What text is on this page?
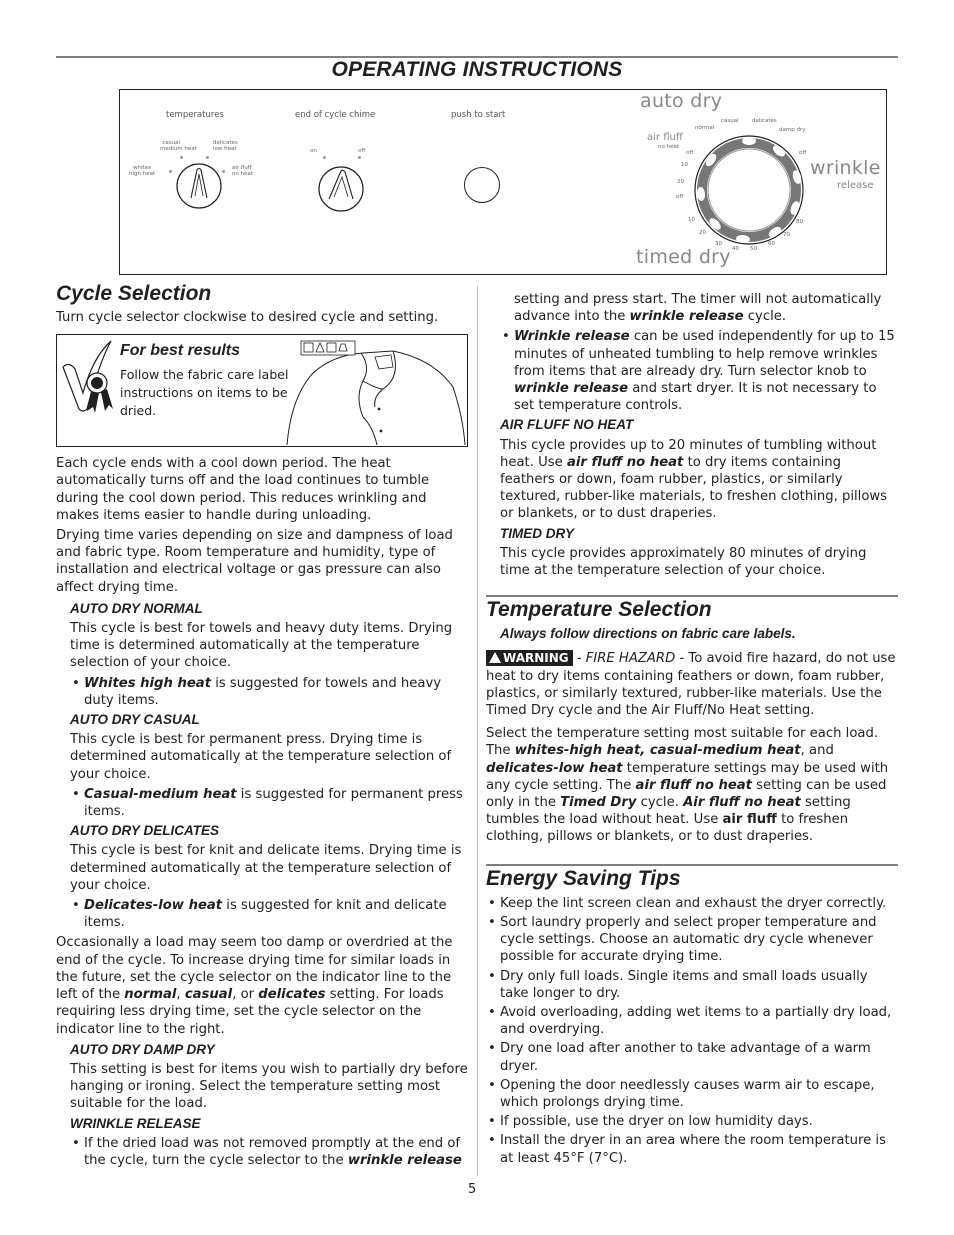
OPERATING INSTRUCTIONS
temperatures
casual
medium heat
delicates
low heat
whites
high heat
air fluff
no heat
end of cycle chime
on	off
push to start
auto dry
timed dry
wrinkle
release
air fluff
no heat
normal
casual delicates
damp dry
off
off
off
10
20
10
20
30
40 50
60
70
80
Cycle Selection

Turn cycle selector clockwise to desired cycle and setting.

For best results
Follow the fabric care label instructions on items to be dried.

Each cycle ends with a cool down period. The heat automatically turns off and the load continues to tumble during the cool down period. This reduces wrinkling and makes items easier to handle during unloading.

Drying time varies depending on size and dampness of load and fabric type. Room temperature and humidity, type of installation and electrical voltage or gas pressure can also affect drying time.

AUTO DRY NORMAL

This cycle is best for towels and heavy duty items. Drying time is determined automatically at the temperature selection of your choice.

• Whites high heat is suggested for towels and heavy duty items.

AUTO DRY CASUAL

This cycle is best for permanent press. Drying time is determined automatically at the temperature selection of your choice.

• Casual-medium heat is suggested for permanent press items.

AUTO DRY DELICATES

This cycle is best for knit and delicate items. Drying time is determined automatically at the temperature selection of your choice.

• Delicates-low heat is suggested for knit and delicate items.

Occasionally a load may seem too damp or overdried at the end of the cycle. To increase drying time for similar loads in the future, set the cycle selector on the indicator line to the left of the normal, casual, or delicates setting. For loads requiring less drying time, set the cycle selector on the indicator line to the right.

AUTO DRY DAMP DRY

This setting is best for items you wish to partially dry before hanging or ironing. Select the temperature setting most suitable for the load.

WRINKLE RELEASE

• If the dried load was not removed promptly at the end of the cycle, turn the cycle selector to the wrinkle release

setting and press start. The timer will not automatically advance into the wrinkle release cycle.

• Wrinkle release can be used independently for up to 15 minutes of unheated tumbling to help remove wrinkles from items that are already dry. Turn selector knob to wrinkle release and start dryer. It is not necessary to set temperature controls.

AIR FLUFF NO HEAT

This cycle provides up to 20 minutes of tumbling without heat. Use air fluff no heat to dry items containing feathers or down, foam rubber, plastics, or similarly textured, rubber-like materials, to freshen clothing, pillows or blankets, or to dust draperies.

TIMED DRY

This cycle provides approximately 80 minutes of drying time at the temperature selection of your choice.

Temperature Selection

Always follow directions on fabric care labels.

WARNING - FIRE HAZARD - To avoid fire hazard, do not use heat to dry items containing feathers or down, foam rubber, plastics, or similarly textured, rubber-like materials. Use the Timed Dry cycle and the Air Fluff/No Heat setting.

Select the temperature setting most suitable for each load. The whites-high heat, casual-medium heat, and delicates-low heat temperature settings may be used with any cycle setting. The air fluff no heat setting can be used only in the Timed Dry cycle. Air fluff no heat setting tumbles the load without heat. Use air fluff to freshen clothing, pillows or blankets, or to dust draperies.

Energy Saving Tips

• Keep the lint screen clean and exhaust the dryer correctly.

• Sort laundry properly and select proper temperature and cycle settings. Choose an automatic dry cycle whenever possible for accurate drying time.

• Dry only full loads. Single items and small loads usually take longer to dry.

• Avoid overloading, adding wet items to a partially dry load, and overdrying.

• Dry one load after another to take advantage of a warm dryer.

• Opening the door needlessly causes warm air to escape, which prolongs drying time.

• If possible, use the dryer on low humidity days.

• Install the dryer in an area where the room temperature is at least 45°F (7°C).

5
